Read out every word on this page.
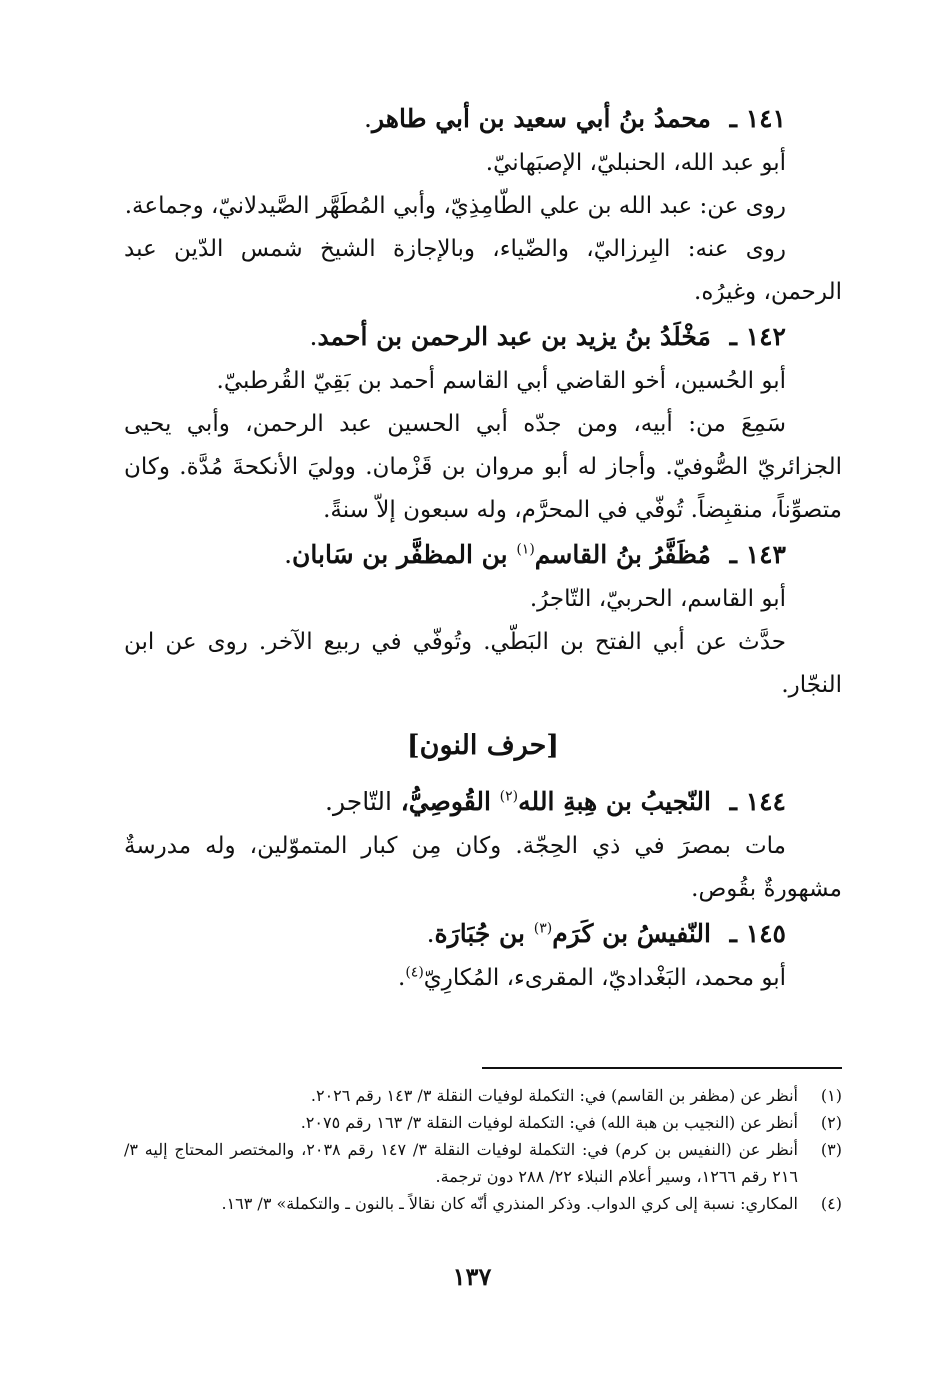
١٤١ ـ محمدُ بنُ أبي سعيد بن أبي طاهر.

أبو عبد الله، الحنبليّ، الإصبَهانيّ.

روى عن: عبد الله بن علي الطّامِذِيّ، وأبي المُطَهَّر الصَّيدلانيّ، وجماعة.

روى عنه: البِرزاليّ، والضّياء، وبالإجازة الشيخ شمس الدّين عبد الرحمن، وغيرُه.

١٤٢ ـ مَخْلَدُ بنُ يزيد بن عبد الرحمن بن أحمد.

أبو الحُسين، أخو القاضي أبي القاسم أحمد بن بَقِيّ القُرطبيّ.

سَمِعَ من: أبيه، ومن جدّه أبي الحسين عبد الرحمن، وأبي يحيى الجزائريّ الصُّوفيّ. وأجاز له أبو مروان بن قَزْمان. ووليَ الأنكحةَ مُدَّة. وكان متصوِّناً، منقبِضاً. تُوفّي في المحرَّم، وله سبعون إلاّ سنةً.

١٤٣ ـ مُظَفَّرُ بنُ القاسم$^{(١)}$ بن المظفَّر بن سَابان.

أبو القاسم، الحربيّ، التّاجرُ.

حدَّث عن أبي الفتح بن البَطّي. وتُوفّي في ربيع الآخر. روى عن ابن النجّار.

[حرف النون]

١٤٤ ـ النّجيبُ بن هِبةِ الله$^{(٢)}$ القُوصِيُّ، التّاجر.

مات بمصرَ في ذي الحِجّة. وكان مِن كبار المتموّلين، وله مدرسةٌ مشهورةٌ بقُوص.

١٤٥ ـ النّفيسُ بن كَرَم$^{(٣)}$ بن جُبَارَة.

أبو محمد، البَغْداديّ، المقرىء، المُكارِيّ$^{(٤)}$.

(١)
أنظر عن (مظفر بن القاسم) في: التكملة لوفيات النقلة ٣/ ١٤٣ رقم ٢٠٢٦.
(٢)
أنظر عن (النجيب بن هبة الله) في: التكملة لوفيات النقلة ٣/ ١٦٣ رقم ٢٠٧٥.
(٣)
أنظر عن (النفيس بن كرم) في: التكملة لوفيات النقلة ٣/ ١٤٧ رقم ٢٠٣٨، والمختصر المحتاج إليه ٣/ ٢١٦ رقم ١٢٦٦، وسير أعلام النبلاء ٢٢/ ٢٨٨ دون ترجمة.
(٤)
المكاري: نسبة إلى كري الدواب. وذكر المنذري أنّه كان نقالاً ـ بالنون ـ والتكملة» ٣/ ١٦٣.
١٣٧
